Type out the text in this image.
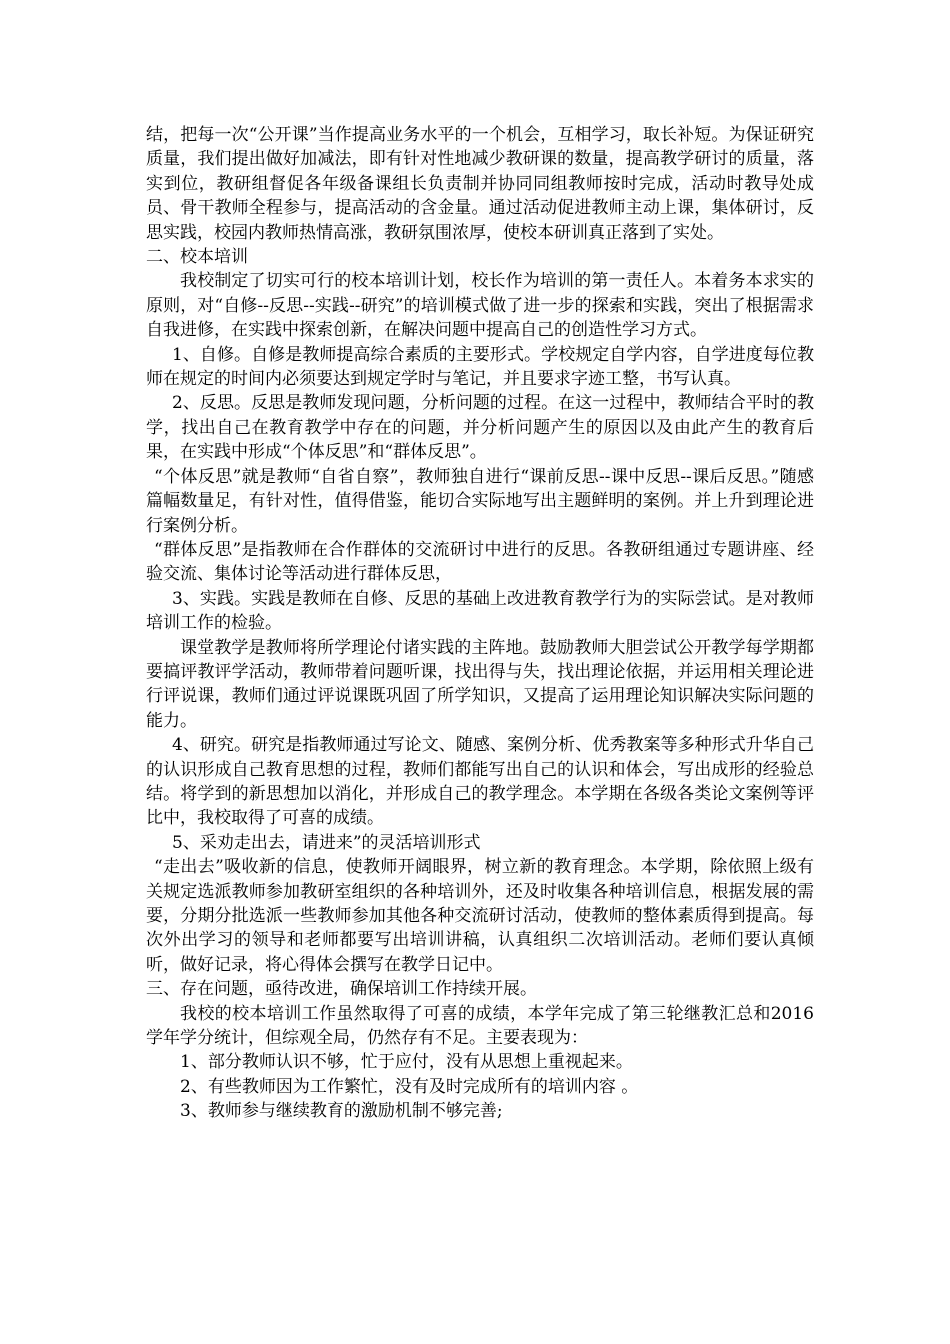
结，把每一次“公开课”当作提高业务水平的一个机会，互相学习，取长补短。为保证研究质量，我们提出做好加减法，即有针对性地减少教研课的数量，提高教学研讨的质量，落实到位，教研组督促各年级备课组长负责制并协同同组教师按时完成，活动时教导处成员、骨干教师全程参与，提高活动的含金量。通过活动促进教师主动上课，集体研讨，反思实践，校园内教师热情高涨，教研氛围浓厚，使校本研训真正落到了实处。

二、校本培训

我校制定了切实可行的校本培训计划，校长作为培训的第一责任人。本着务本求实的原则，对“自修--反思--实践--研究”的培训模式做了进一步的探索和实践，突出了根据需求自我进修，在实践中探索创新，在解决问题中提高自己的创造性学习方式。

1、自修。自修是教师提高综合素质的主要形式。学校规定自学内容，自学进度每位教师在规定的时间内必须要达到规定学时与笔记，并且要求字迹工整，书写认真。

2、反思。反思是教师发现问题，分析问题的过程。在这一过程中，教师结合平时的教学，找出自己在教育教学中存在的问题，并分析问题产生的原因以及由此产生的教育后果，在实践中形成“个体反思”和“群体反思”。

“个体反思”就是教师“自省自察”，教师独自进行“课前反思--课中反思--课后反思。”随感篇幅数量足，有针对性，值得借鉴，能切合实际地写出主题鲜明的案例。并上升到理论进行案例分析。

“群体反思”是指教师在合作群体的交流研讨中进行的反思。各教研组通过专题讲座、经验交流、集体讨论等活动进行群体反思，

3、实践。实践是教师在自修、反思的基础上改进教育教学行为的实际尝试。是对教师培训工作的检验。

课堂教学是教师将所学理论付诸实践的主阵地。鼓励教师大胆尝试公开教学每学期都要搞评教评学活动，教师带着问题听课，找出得与失，找出理论依据，并运用相关理论进行评说课，教师们通过评说课既巩固了所学知识，又提高了运用理论知识解决实际问题的能力。

4、研究。研究是指教师通过写论文、随感、案例分析、优秀教案等多种形式升华自己的认识形成自己教育思想的过程，教师们都能写出自己的认识和体会，写出成形的经验总结。将学到的新思想加以消化，并形成自己的教学理念。本学期在各级各类论文案例等评比中，我校取得了可喜的成绩。

5、采劝走出去，请进来”的灵活培训形式

“走出去”吸收新的信息，使教师开阔眼界，树立新的教育理念。本学期，除依照上级有关规定选派教师参加教研室组织的各种培训外，还及时收集各种培训信息，根据发展的需要，分期分批选派一些教师参加其他各种交流研讨活动，使教师的整体素质得到提高。每次外出学习的领导和老师都要写出培训讲稿，认真组织二次培训活动。老师们要认真倾听，做好记录，将心得体会撰写在教学日记中。

三、存在问题，亟待改进，确保培训工作持续开展。

我校的校本培训工作虽然取得了可喜的成绩，本学年完成了第三轮继教汇总和2016学年学分统计，但综观全局，仍然存有不足。主要表现为：

1、部分教师认识不够，忙于应付，没有从思想上重视起来。

2、有些教师因为工作繁忙，没有及时完成所有的培训内容 。

3、教师参与继续教育的激励机制不够完善;
